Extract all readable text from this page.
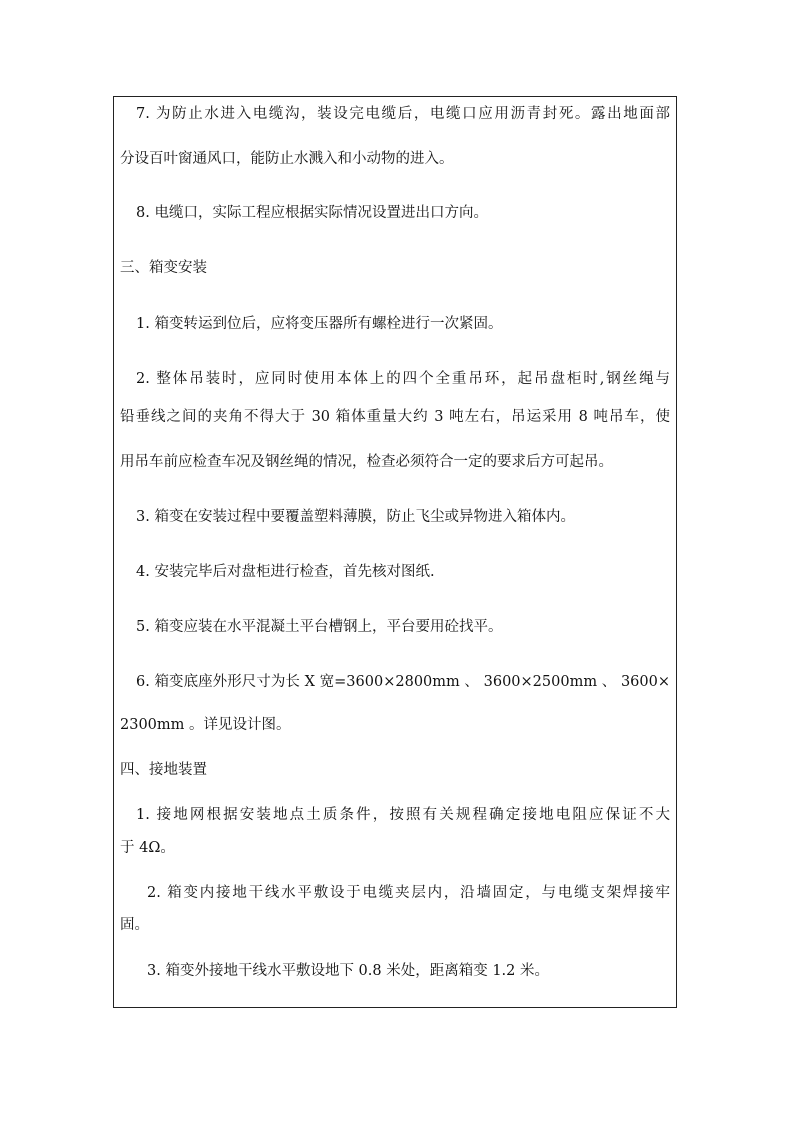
7. 为防止水进入电缆沟，装设完电缆后，电缆口应用沥青封死。露出地面部
分设百叶窗通风口，能防止水溅入和小动物的进入。
8. 电缆口，实际工程应根据实际情况设置进出口方向。
三、箱变安装
1. 箱变转运到位后，应将变压器所有螺栓进行一次紧固。
2. 整体吊装时，应同时使用本体上的四个全重吊环，起吊盘柜时,钢丝绳与
铅垂线之间的夹角不得大于 30 箱体重量大约 3 吨左右，吊运采用 8 吨吊车，使
用吊车前应检查车况及钢丝绳的情况，检查必须符合一定的要求后方可起吊。
3. 箱变在安装过程中要覆盖塑料薄膜，防止飞尘或异物进入箱体内。
4. 安装完毕后对盘柜进行检查，首先核对图纸.
5. 箱变应装在水平混凝土平台槽钢上，平台要用砼找平。
6. 箱变底座外形尺寸为长 X 宽=3600×2800mm 、 3600×2500mm 、 3600×
2300mm 。详见设计图。
四、接地装置
1. 接地网根据安装地点土质条件，按照有关规程确定接地电阻应保证不大
于 4Ω。
2. 箱变内接地干线水平敷设于电缆夹层内，沿墙固定，与电缆支架焊接牢
固。
3. 箱变外接地干线水平敷设地下 0.8 米处，距离箱变 1.2 米。
